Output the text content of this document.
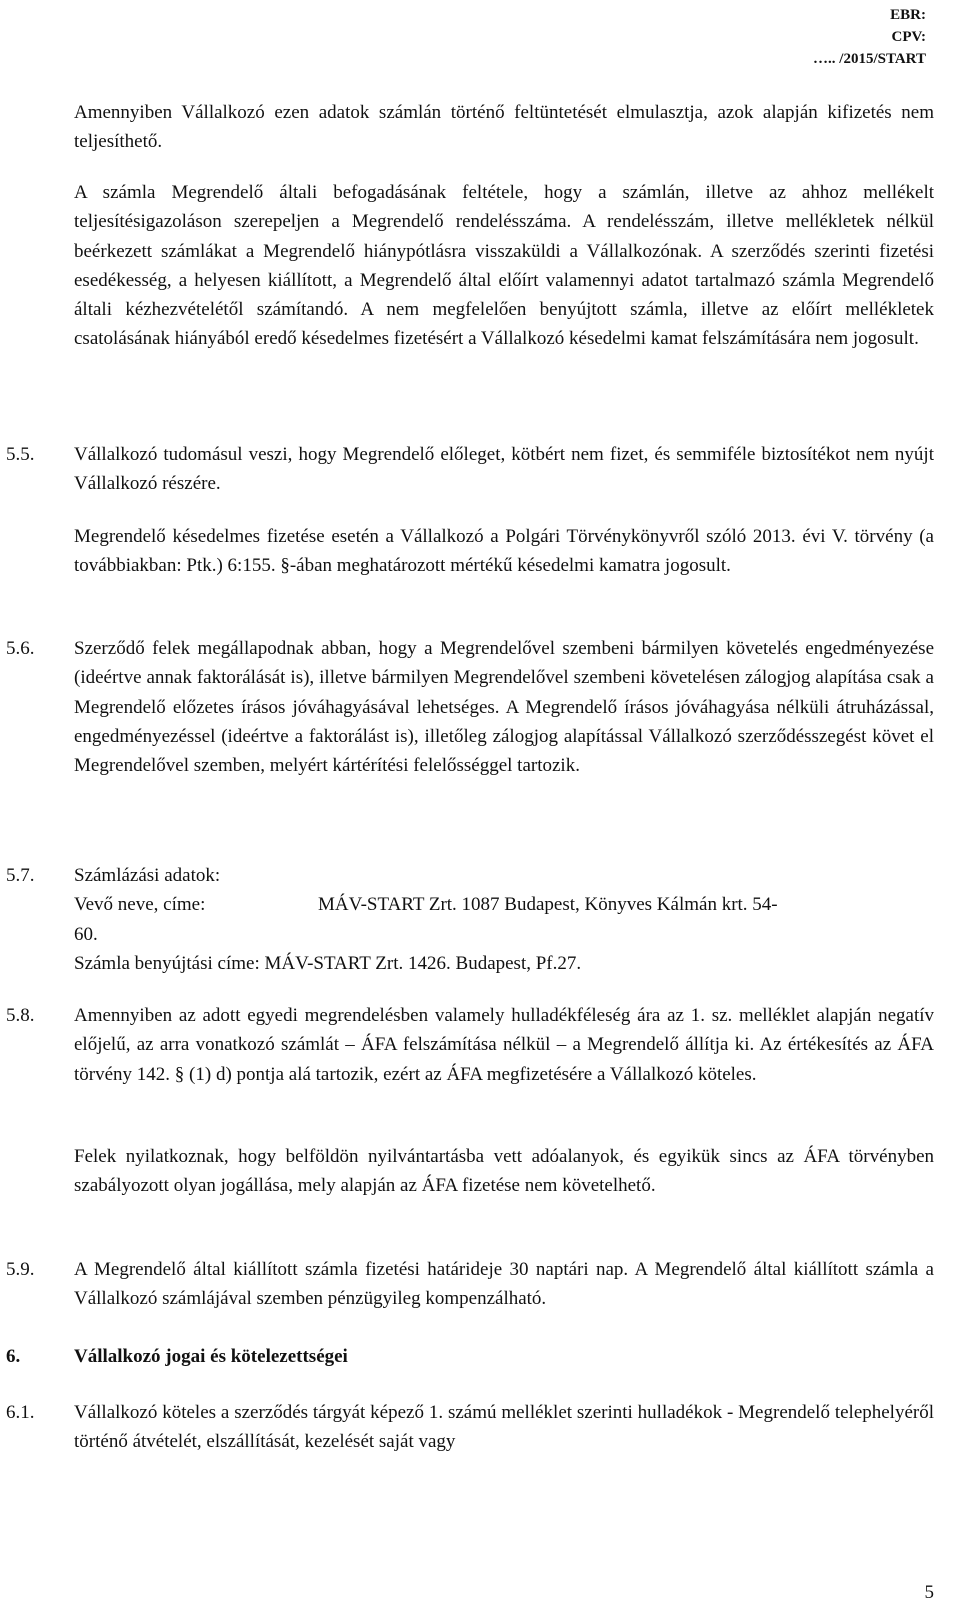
EBR:
CPV:
….. /2015/START
Amennyiben Vállalkozó ezen adatok számlán történő feltüntetését elmulasztja, azok alapján kifizetés nem teljesíthető.
A számla Megrendelő általi befogadásának feltétele, hogy a számlán, illetve az ahhoz mellékelt teljesítésigazoláson szerepeljen a Megrendelő rendelésszáma. A rendelésszám, illetve mellékletek nélkül beérkezett számlákat a Megrendelő hiánypótlásra visszaküldi a Vállalkozónak. A szerződés szerinti fizetési esedékesség, a helyesen kiállított, a Megrendelő által előírt valamennyi adatot tartalmazó számla Megrendelő általi kézhezvételétől számítandó. A nem megfelelően benyújtott számla, illetve az előírt mellékletek csatolásának hiányából eredő késedelmes fizetésért a Vállalkozó késedelmi kamat felszámítására nem jogosult.
5.5. Vállalkozó tudomásul veszi, hogy Megrendelő előleget, kötbért nem fizet, és semmiféle biztosítékot nem nyújt Vállalkozó részére.
Megrendelő késedelmes fizetése esetén a Vállalkozó a Polgári Törvénykönyvről szóló 2013. évi V. törvény (a továbbiakban: Ptk.) 6:155. §-ában meghatározott mértékű késedelmi kamatra jogosult.
5.6. Szerződő felek megállapodnak abban, hogy a Megrendelővel szembeni bármilyen követelés engedményezése (ideértve annak faktorálását is), illetve bármilyen Megrendelővel szembeni követelésen zálogjog alapítása csak a Megrendelő előzetes írásos jóváhagyásával lehetséges. A Megrendelő írásos jóváhagyása nélküli átruházással, engedményezéssel (ideértve a faktorálást is), illetőleg zálogjog alapítással Vállalkozó szerződésszegést követ el Megrendelővel szemben, melyért kártérítési felelősséggel tartozik.
5.7. Számlázási adatok:
Vevő neve, címe:	MÁV-START Zrt. 1087 Budapest, Könyves Kálmán krt. 54-
60.
Számla benyújtási címe: MÁV-START Zrt. 1426. Budapest, Pf.27.
5.8. Amennyiben az adott egyedi megrendelésben valamely hulladékféleség ára az 1. sz. melléklet alapján negatív előjelű, az arra vonatkozó számlát – ÁFA felszámítása nélkül – a Megrendelő állítja ki. Az értékesítés az ÁFA törvény 142. § (1) d) pontja alá tartozik, ezért az ÁFA megfizetésére a Vállalkozó köteles.
Felek nyilatkoznak, hogy belföldön nyilvántartásba vett adóalanyok, és egyikük sincs az ÁFA törvényben szabályozott olyan jogállása, mely alapján az ÁFA fizetése nem követelhető.
5.9. A Megrendelő által kiállított számla fizetési határideje 30 naptári nap. A Megrendelő által kiállított számla a Vállalkozó számlájával szemben pénzügyileg kompenzálható.
6.	Vállalkozó jogai és kötelezettségei
6.1. Vállalkozó köteles a szerződés tárgyát képező 1. számú melléklet szerinti hulladékok - Megrendelő telephelyéről történő átvételét, elszállítását, kezelését saját vagy
5
